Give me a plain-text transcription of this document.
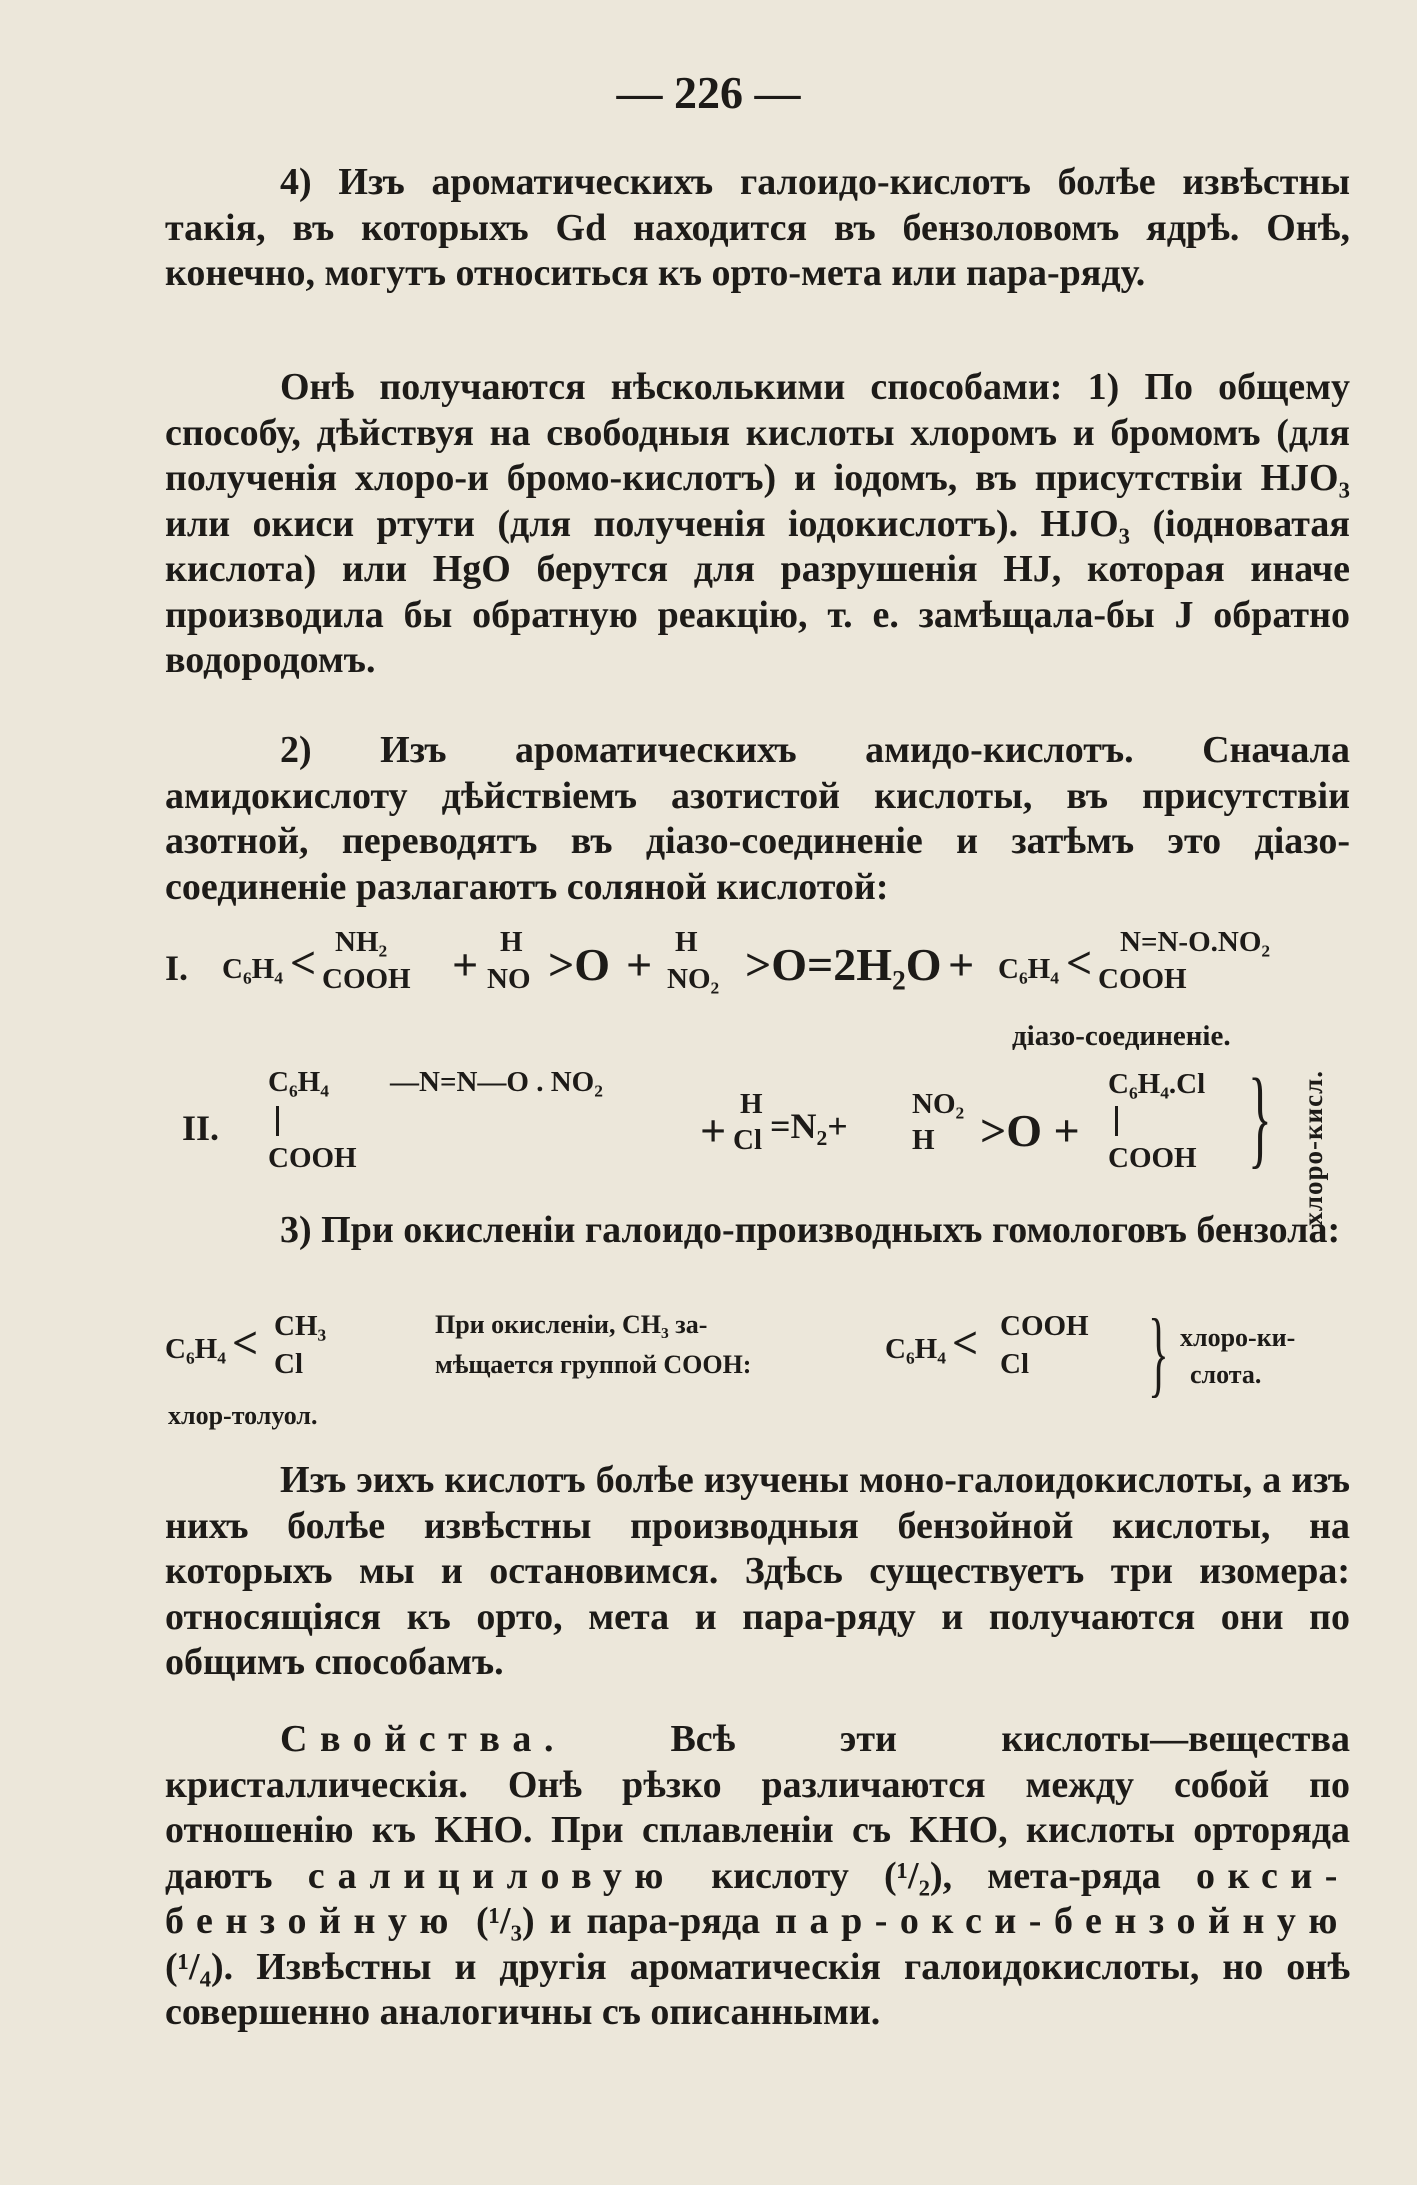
— 226 —

4) Изъ ароматическихъ галоидо-кислотъ болѣе извѣстны такія, въ которыхъ Gd находится въ бензоловомъ ядрѣ. Онѣ, конечно, могутъ относиться къ орто-мета или пара-ряду.

Онѣ получаются нѣсколькими способами: 1) По общему способу, дѣйствуя на свободныя кислоты хлоромъ и бромомъ (для полученія хлоро-и бромо-кислотъ) и іодомъ, въ присутствіи HJO₃ или окиси ртути (для полученія іодокислотъ). HJO₃ (іодноватая кислота) или HgO берутся для разрушенія HJ, которая иначе производила бы обратную реакцію, т. е. замѣщала-бы J обратно водородомъ.

2) Изъ ароматическихъ амидо-кислотъ. Сначала амидокислоту дѣйствіемъ азотистой кислоты, въ присутствіи азотной, переводятъ въ діазо-соединеніе и затѣмъ это діазо-соединеніе разлагаютъ соляной кислотой:

I. C₆H₄ < NH₂
COOH + H
NO >O + H
NO₂ >O=2H₂O + C₆H₄ < N=N-O.NO₂
COOH
діазо-соединеніе.
II.
C₆H₄
COOH
—N=N—O . NO₂
+
H
Cl =N₂+
NO₂
H >O +
C₆H₄.Cl
COOH } хлоро-кисл.

3) При окисленіи галоидо-производныхъ гомологовъ бензола:

C₆H₄ < CH₃
Cl
При окисленіи, CH₃ за-
мѣщается группой COOH:	C₆H₄ < COOH
Cl } хлоро-ки-
слота.
хлор-толуол.

Изъ эихъ кислотъ болѣе изучены моно-галоидокислоты, а изъ нихъ болѣе извѣстны производныя бензойной кислоты, на которыхъ мы и остановимся. Здѣсь существуетъ три изомера: относящіяся къ орто, мета и пара-ряду и получаются они по общимъ способамъ.

Свойства.	Всѣ эти кислоты—вещества кристаллическія. Онѣ рѣзко различаются между собой по отношенію къ KHO. При сплавленіи съ KHO, кислоты орторяда даютъ салициловую кислоту (¹/₂), мета-ряда окси-бензойную (¹/₃) и пара-ряда пар-окси-бензойную (¹/₄). Извѣстны и другія ароматическія галоидокислоты, но онѣ совершенно аналогичны съ описанными.
